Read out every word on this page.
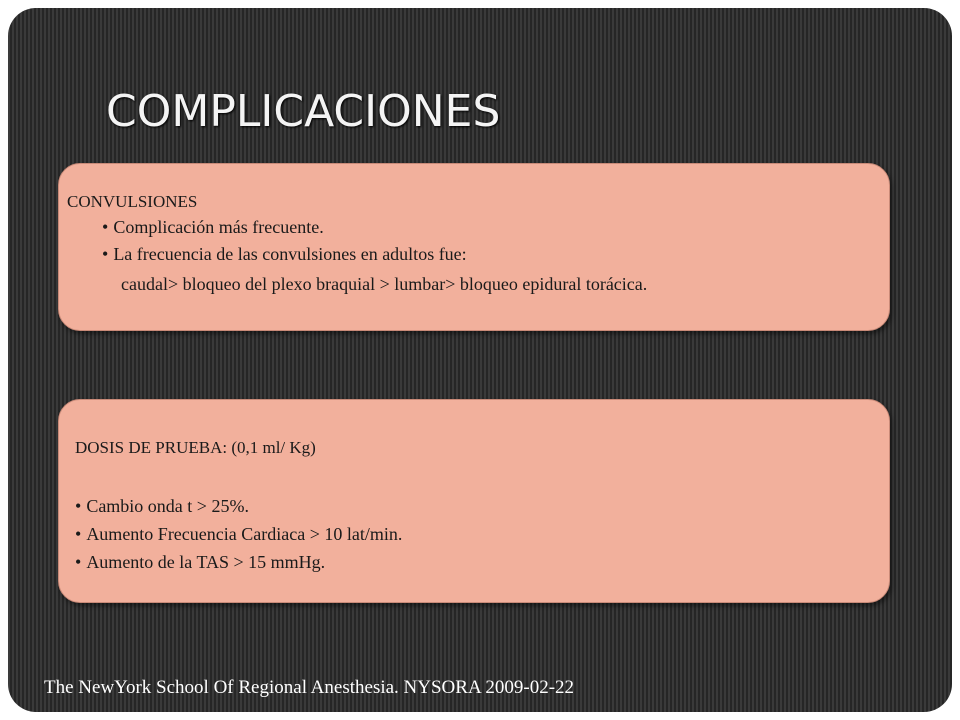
COMPLICACIONES
CONVULSIONES
• Complicación más frecuente.
• La frecuencia de las convulsiones en adultos fue:
caudal> bloqueo del plexo braquial > lumbar> bloqueo epidural torácica.
DOSIS DE PRUEBA: (0,1 ml/ Kg)
• Cambio onda t > 25%.
• Aumento Frecuencia Cardiaca > 10 lat/min.
• Aumento de la TAS > 15 mmHg.
The NewYork School Of Regional Anesthesia. NYSORA 2009-02-22
